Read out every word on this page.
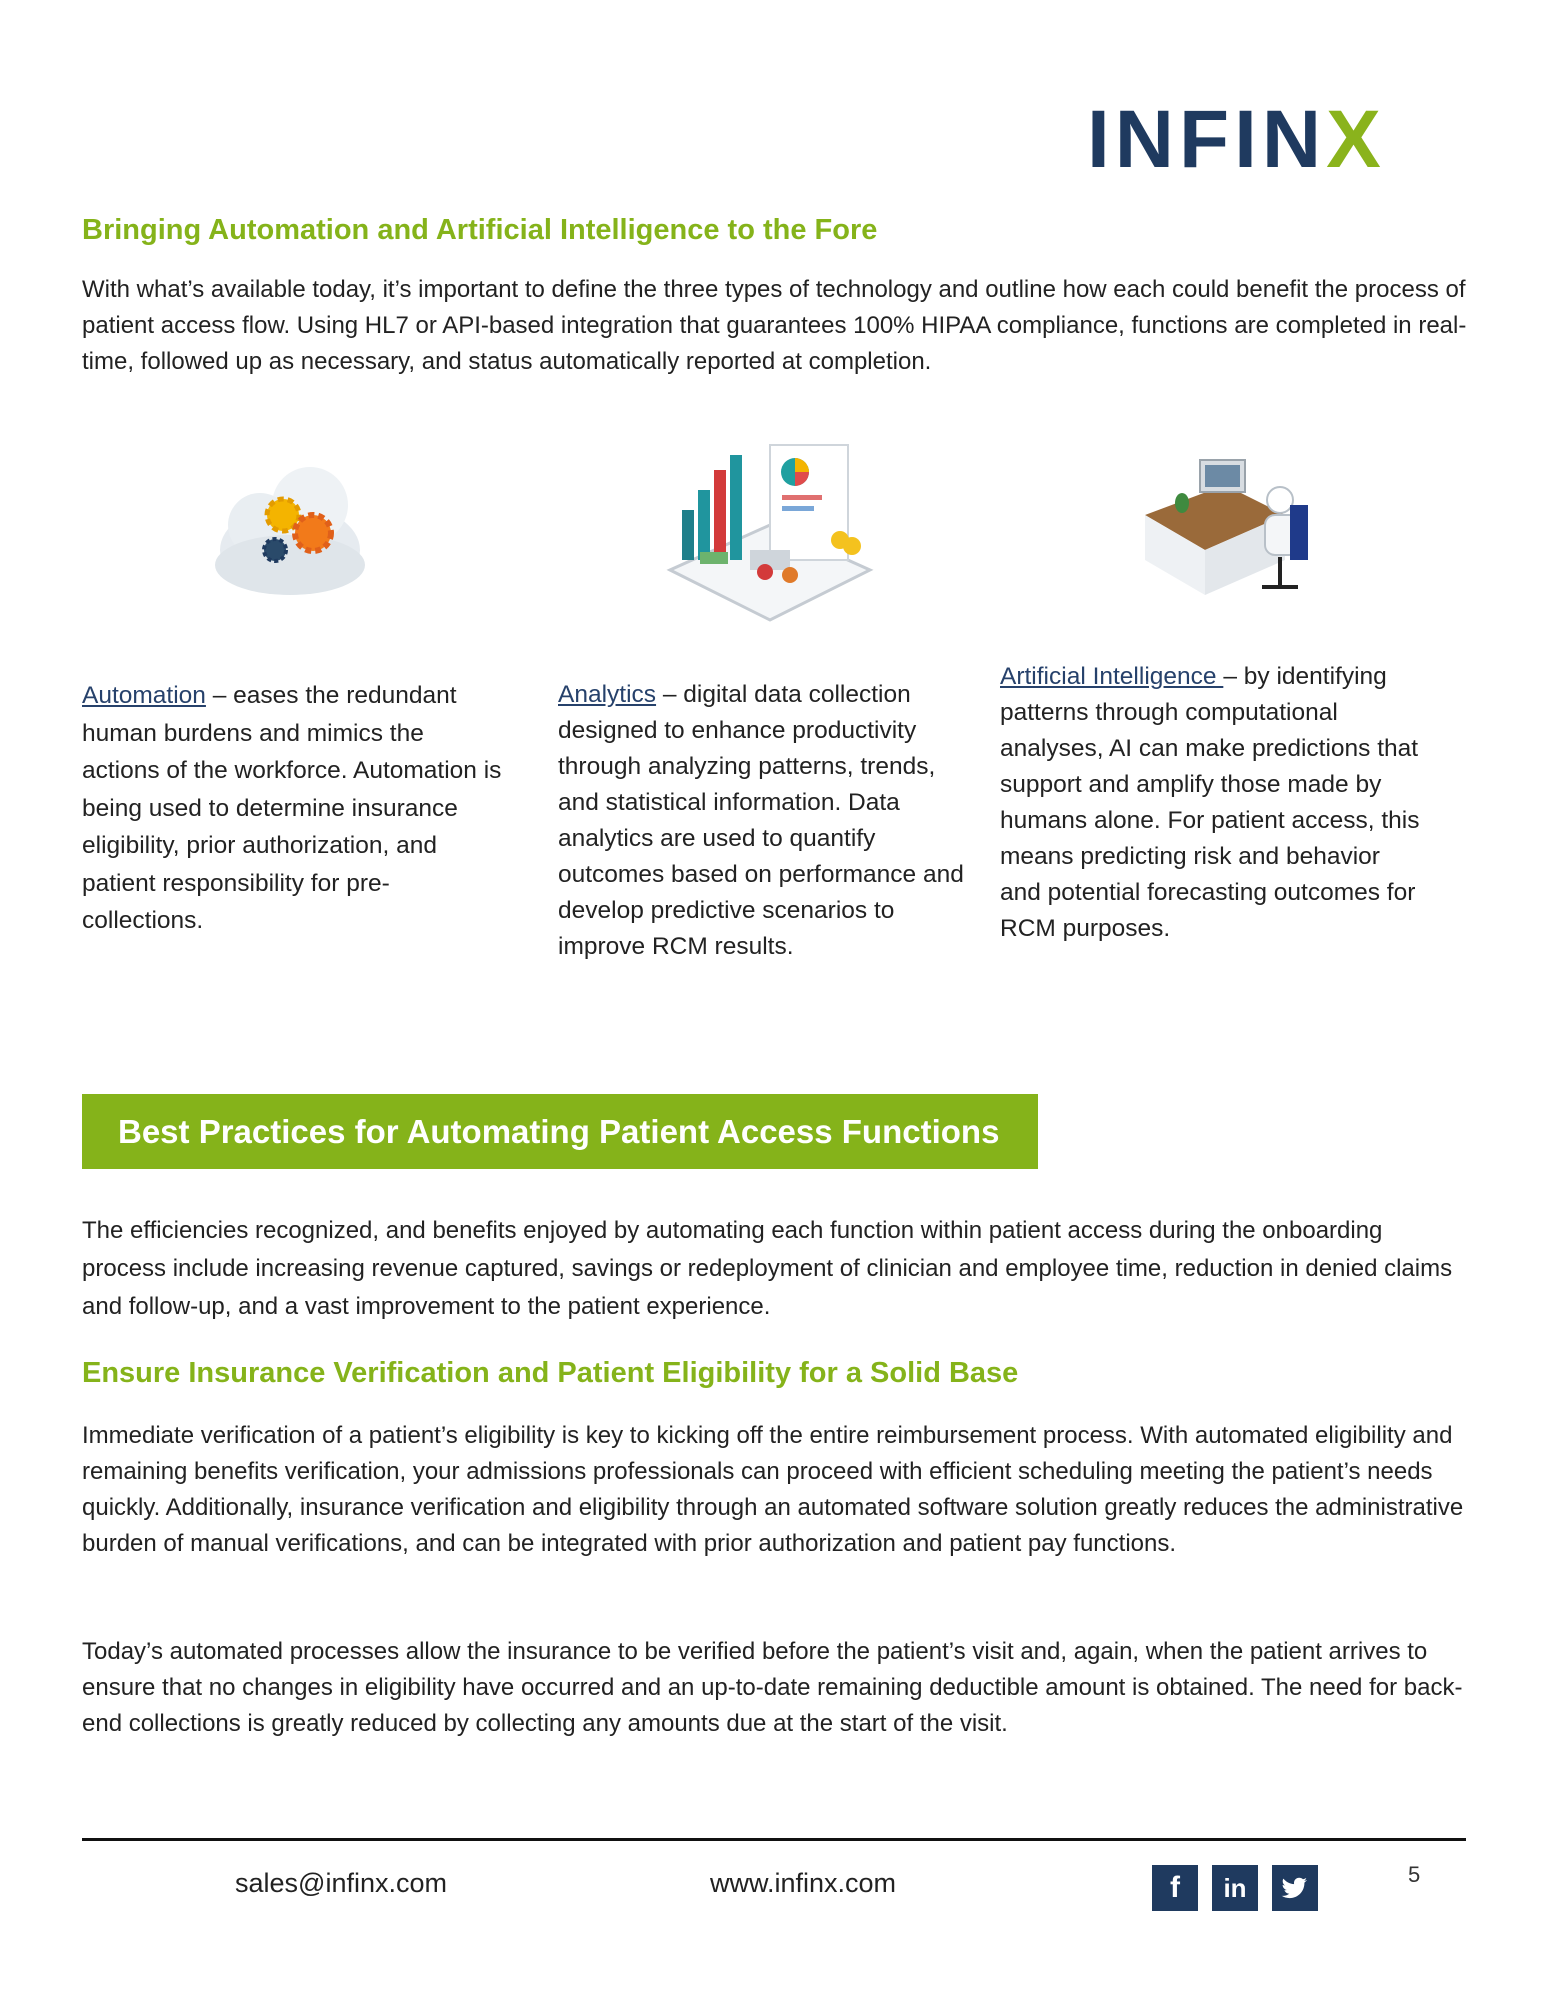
INFINX
Bringing Automation and Artificial Intelligence to the Fore
With what’s available today, it’s important to define the three types of technology and outline how each could benefit the process of patient access flow. Using HL7 or API-based integration that guarantees 100% HIPAA compliance, functions are completed in real-time, followed up as necessary, and status automatically reported at completion.
Automation – eases the redundant human burdens and mimics the actions of the workforce. Automation is being used to determine insurance eligibility, prior authorization, and patient responsibility for pre-collections.
Analytics – digital data collection designed to enhance productivity through analyzing patterns, trends, and statistical information. Data analytics are used to quantify outcomes based on performance and develop predictive scenarios to improve RCM results.
Artificial Intelligence – by identifying patterns through computational analyses, AI can make predictions that support and amplify those made by humans alone. For patient access, this means predicting risk and behavior and potential forecasting outcomes for RCM purposes.
Best Practices for Automating Patient Access Functions
The efficiencies recognized, and benefits enjoyed by automating each function within patient access during the onboarding process include increasing revenue captured, savings or redeployment of clinician and employee time, reduction in denied claims and follow-up, and a vast improvement to the patient experience.
Ensure Insurance Verification and Patient Eligibility for a Solid Base
Immediate verification of a patient’s eligibility is key to kicking off the entire reimbursement process. With automated eligibility and remaining benefits verification, your admissions professionals can proceed with efficient scheduling meeting the patient’s needs quickly. Additionally, insurance verification and eligibility through an automated software solution greatly reduces the administrative burden of manual verifications, and can be integrated with prior authorization and patient pay functions.
Today’s automated processes allow the insurance to be verified before the patient’s visit and, again, when the patient arrives to ensure that no changes in eligibility have occurred and an up-to-date remaining deductible amount is obtained. The need for back-end collections is greatly reduced by collecting any amounts due at the start of the visit.
sales@infinx.com	www.infinx.com	f	in	5
